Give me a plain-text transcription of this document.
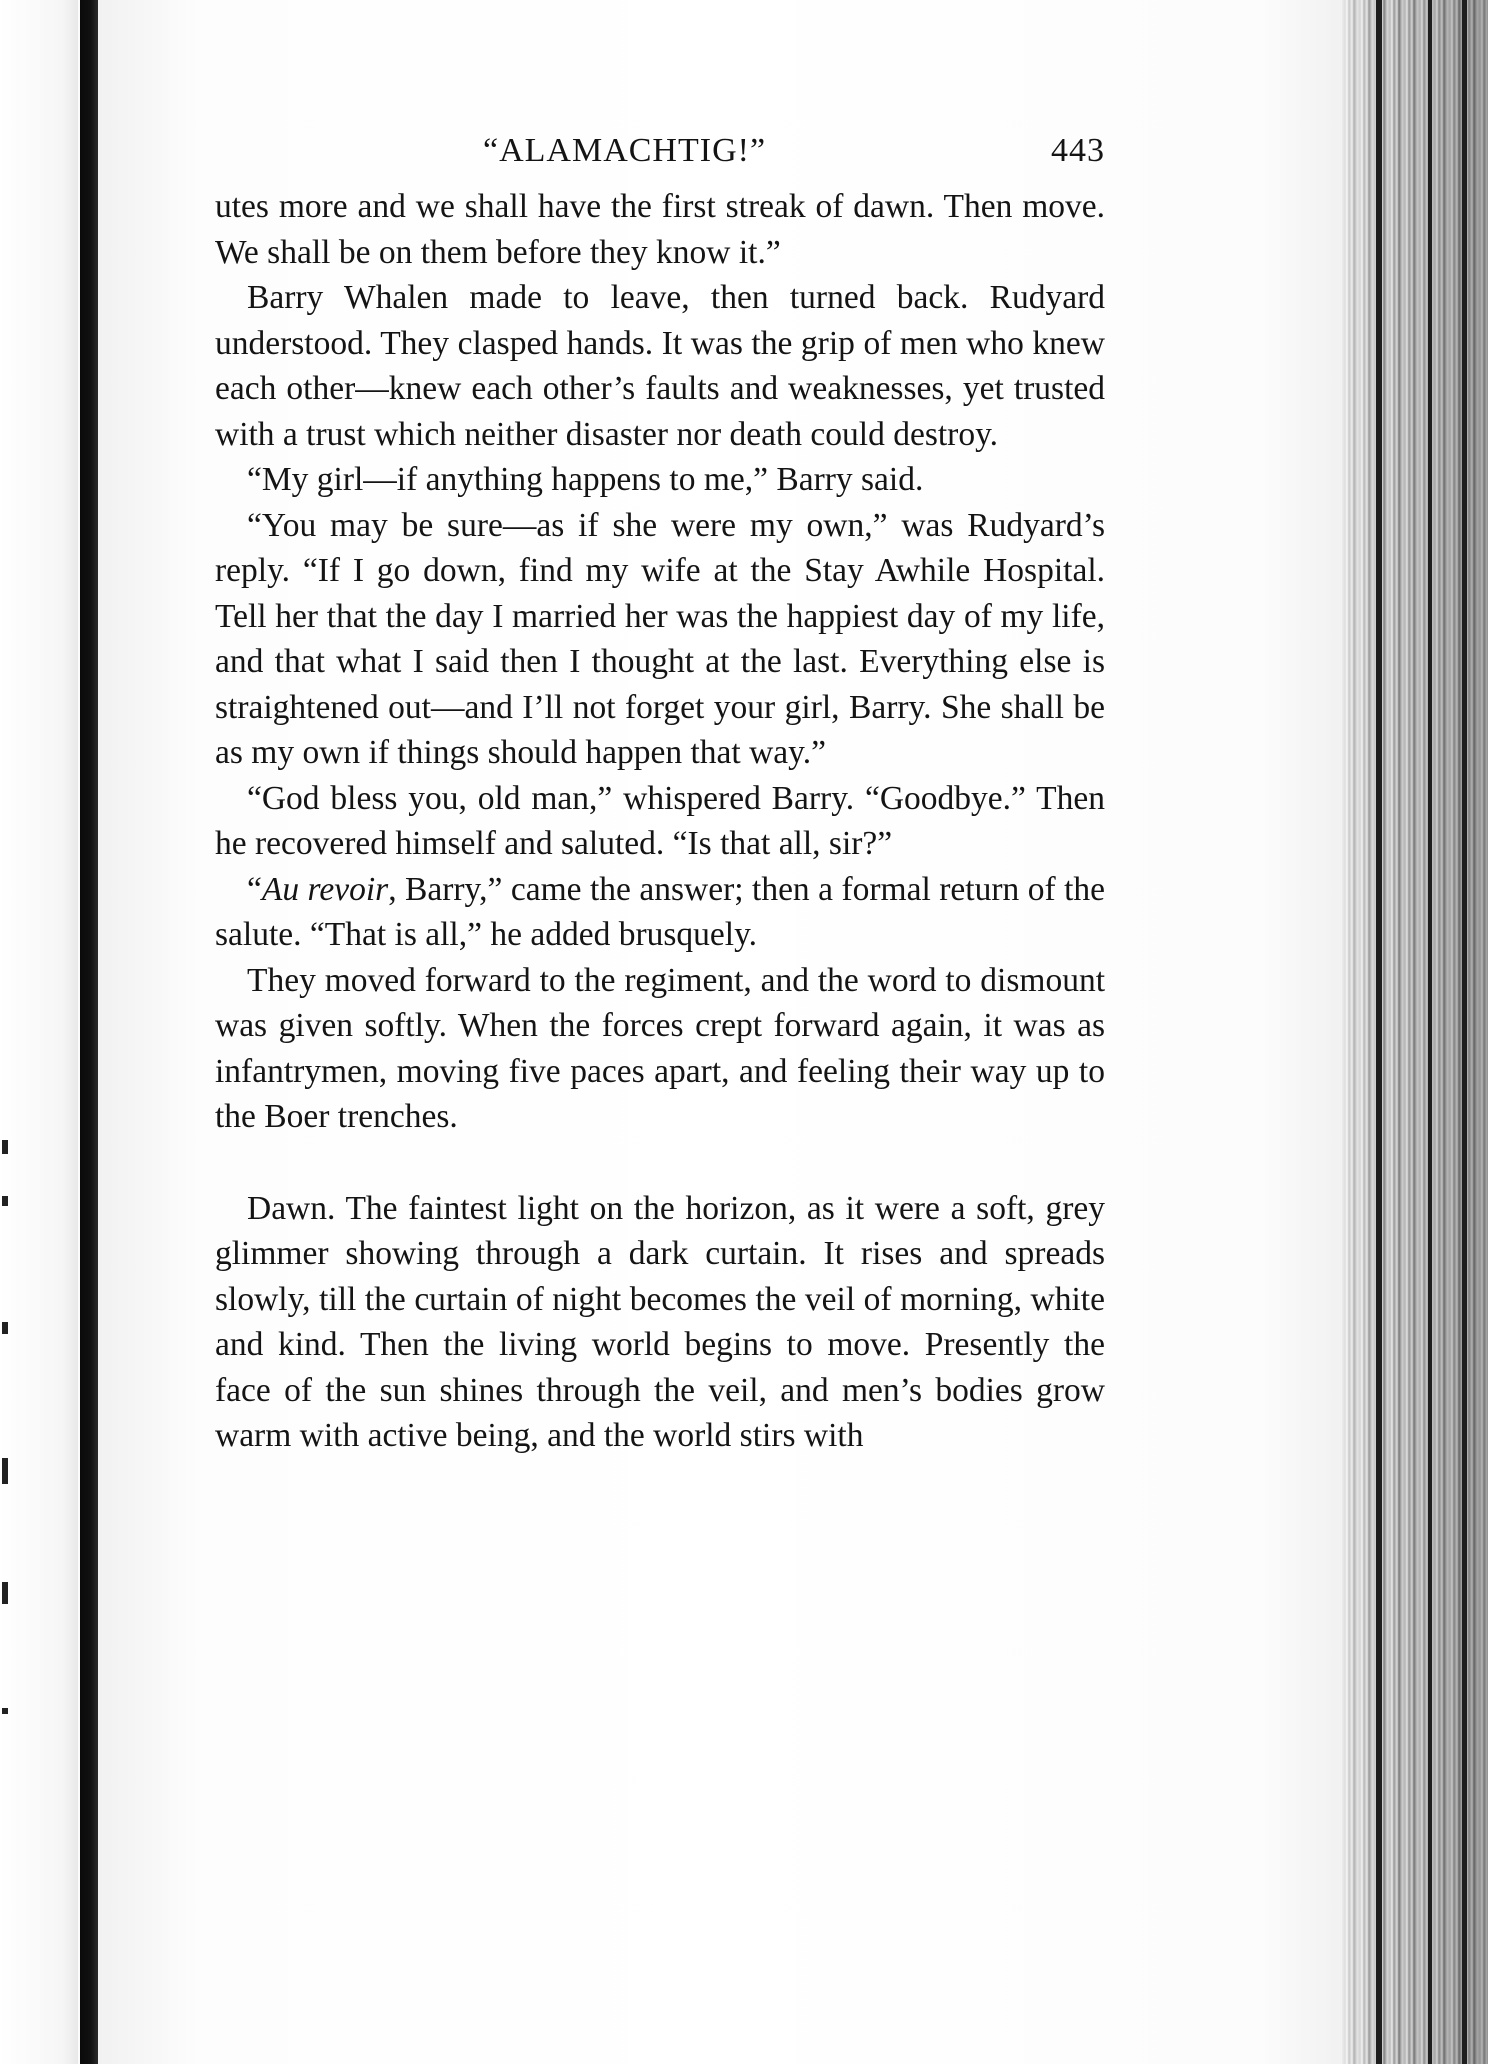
“ALAMACHTIG!”	443

utes more and we shall have the first streak of dawn. Then move. We shall be on them before they know it.”

Barry Whalen made to leave, then turned back. Rudyard understood. They clasped hands. It was the grip of men who knew each other—knew each other’s faults and weaknesses, yet trusted with a trust which neither disaster nor death could destroy.

“My girl—if anything happens to me,” Barry said.

“You may be sure—as if she were my own,” was Rudyard’s reply. “If I go down, find my wife at the Stay Awhile Hospital. Tell her that the day I married her was the happiest day of my life, and that what I said then I thought at the last. Everything else is straightened out—and I’ll not forget your girl, Barry. She shall be as my own if things should happen that way.”

“God bless you, old man,” whispered Barry. “Goodbye.” Then he recovered himself and saluted. “Is that all, sir?”

“Au revoir, Barry,” came the answer; then a formal return of the salute. “That is all,” he added brusquely.

They moved forward to the regiment, and the word to dismount was given softly. When the forces crept forward again, it was as infantrymen, moving five paces apart, and feeling their way up to the Boer trenches.

Dawn. The faintest light on the horizon, as it were a soft, grey glimmer showing through a dark curtain. It rises and spreads slowly, till the curtain of night becomes the veil of morning, white and kind. Then the living world begins to move. Presently the face of the sun shines through the veil, and men’s bodies grow warm with active being, and the world stirs with
